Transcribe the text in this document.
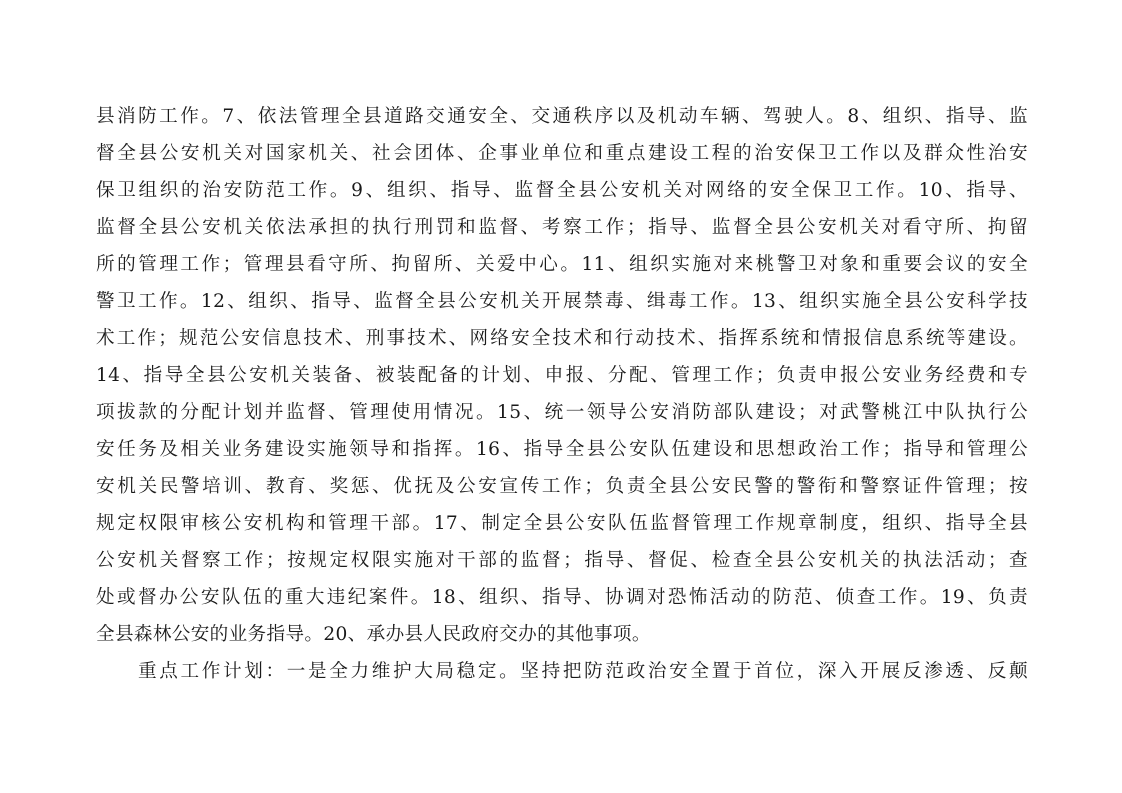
县消防工作。7、依法管理全县道路交通安全、交通秩序以及机动车辆、驾驶人。8、组织、指导、监
督全县公安机关对国家机关、社会团体、企事业单位和重点建设工程的治安保卫工作以及群众性治安
保卫组织的治安防范工作。9、组织、指导、监督全县公安机关对网络的安全保卫工作。10、指导、
监督全县公安机关依法承担的执行刑罚和监督、考察工作；指导、监督全县公安机关对看守所、拘留
所的管理工作；管理县看守所、拘留所、关爱中心。11、组织实施对来桃警卫对象和重要会议的安全
警卫工作。12、组织、指导、监督全县公安机关开展禁毒、缉毒工作。13、组织实施全县公安科学技
术工作；规范公安信息技术、刑事技术、网络安全技术和行动技术、指挥系统和情报信息系统等建设。
14、指导全县公安机关装备、被装配备的计划、申报、分配、管理工作；负责申报公安业务经费和专
项拔款的分配计划并监督、管理使用情况。15、统一领导公安消防部队建设；对武警桃江中队执行公
安任务及相关业务建设实施领导和指挥。16、指导全县公安队伍建设和思想政治工作；指导和管理公
安机关民警培训、教育、奖惩、优抚及公安宣传工作；负责全县公安民警的警衔和警察证件管理；按
规定权限审核公安机构和管理干部。17、制定全县公安队伍监督管理工作规章制度，组织、指导全县
公安机关督察工作；按规定权限实施对干部的监督；指导、督促、检查全县公安机关的执法活动；查
处或督办公安队伍的重大违纪案件。18、组织、指导、协调对恐怖活动的防范、侦查工作。19、负责
全县森林公安的业务指导。20、承办县人民政府交办的其他事项。
重点工作计划：一是全力维护大局稳定。坚持把防范政治安全置于首位，深入开展反渗透、反颠
